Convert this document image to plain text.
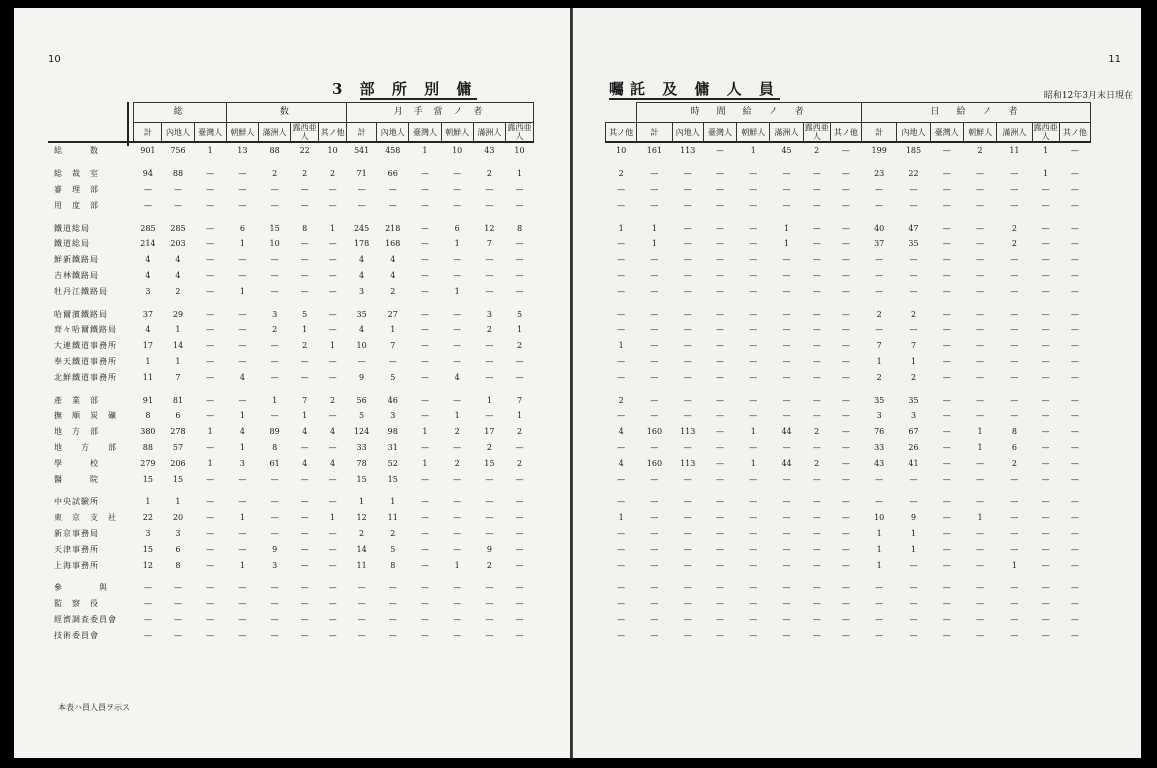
10
3 部 所 別 傭
	総			数				月 手 當 ノ 者					
	計	內地人	臺灣人	朝鮮人	滿洲人	露西亜人	其ノ他	計	內地人	臺灣人	朝鮮人	滿洲人	露西亜人
総　　　数	901	756	1	13	88	22	10	541	458	1	10	43	10

総　裁　室	94	88	—	—	2	2	2	71	66	—	—	2	1
審　理　部	—	—	—	—	—	—	—	—	—	—	—	—	—
用　度　部	—	—	—	—	—	—	—	—	—	—	—	—	—

鐵道総局	285	285	—	6	15	8	1	245	218	—	6	12	8
鐵道総局	214	203	—	1	10	—	—	178	168	—	1	7	—
鮮新鐵路局	4	4	—	—	—	—	—	4	4	—	—	—	—
吉林鐵路局	4	4	—	—	—	—	—	4	4	—	—	—	—
牡丹江鐵路局	3	2	—	1	—	—	—	3	2	—	1	—	—

哈爾濱鐵路局	37	29	—	—	3	5	—	35	27	—	—	3	5
齊々哈爾鐵路局	4	1	—	—	2	1	—	4	1	—	—	2	1
大連鐵道事務所	17	14	—	—	—	2	1	10	7	—	—	—	2
奉天鐵道事務所	1	1	—	—	—	—	—	—	—	—	—	—	—
北鮮鐵道事務所	11	7	—	4	—	—	—	9	5	—	4	—	—

產　業　部	91	81	—	—	1	7	2	56	46	—	—	1	7
撫　順　炭　礦	8	6	—	1	—	1	—	5	3	—	1	—	1
地　方　部	380	278	1	4	89	4	4	124	98	1	2	17	2
地　　方　　部	88	57	—	1	8	—	—	33	31	—	—	2	—
學　　　校	279	206	1	3	61	4	4	78	52	1	2	15	2
醫　　　院	15	15	—	—	—	—	—	15	15	—	—	—	—

中央試驗所	1	1	—	—	—	—	—	1	1	—	—	—	—
東　京　支　社	22	20	—	1	—	—	1	12	11	—	—	—	—
新京事務局	3	3	—	—	—	—	—	2	2	—	—	—	—
天津事務所	15	6	—	—	9	—	—	14	5	—	—	9	—
上海事務所	12	8	—	1	3	—	—	11	8	—	1	2	—

參　　　　與	—	—	—	—	—	—	—	—	—	—	—	—	—
監　察　役	—	—	—	—	—	—	—	—	—	—	—	—	—
經濟調查委員會	—	—	—	—	—	—	—	—	—	—	—	—	—
技術委員會	—	—	—	—	—	—	—	—	—	—	—	—	—
本表ハ員人員ヲ示ス
11
囑託 及 傭 人 員	昭和12年3月末日現在
	時　間　給　ノ　者							日　給　ノ　者						
其ノ他	計	內地人	臺灣人	朝鮮人	滿洲人	露西亜人	其ノ他	計	內地人	臺灣人	朝鮮人	滿洲人	露西亜人	其ノ他
10	161	113	—	1	45	2	—	199	185	—	2	11	1	—

2	—	—	—	—	—	—	—	23	22	—	—	—	1	—
—	—	—	—	—	—	—	—	—	—	—	—	—	—	—
—	—	—	—	—	—	—	—	—	—	—	—	—	—	—

1	1	—	—	—	1	—	—	40	47	—	—	2	—	—
—	1	—	—	—	1	—	—	37	35	—	—	2	—	—
—	—	—	—	—	—	—	—	—	—	—	—	—	—	—
—	—	—	—	—	—	—	—	—	—	—	—	—	—	—
—	—	—	—	—	—	—	—	—	—	—	—	—	—	—

—	—	—	—	—	—	—	—	2	2	—	—	—	—	—
—	—	—	—	—	—	—	—	—	—	—	—	—	—	—
1	—	—	—	—	—	—	—	7	7	—	—	—	—	—
—	—	—	—	—	—	—	—	1	1	—	—	—	—	—
—	—	—	—	—	—	—	—	2	2	—	—	—	—	—

2	—	—	—	—	—	—	—	35	35	—	—	—	—	—
—	—	—	—	—	—	—	—	3	3	—	—	—	—	—
4	160	113	—	1	44	2	—	76	67	—	1	8	—	—
—	—	—	—	—	—	—	—	33	26	—	1	6	—	—
4	160	113	—	1	44	2	—	43	41	—	—	2	—	—
—	—	—	—	—	—	—	—	—	—	—	—	—	—	—

—	—	—	—	—	—	—	—	—	—	—	—	—	—	—
1	—	—	—	—	—	—	—	10	9	—	1	—	—	—
—	—	—	—	—	—	—	—	1	1	—	—	—	—	—
—	—	—	—	—	—	—	—	1	1	—	—	—	—	—
—	—	—	—	—	—	—	—	1	—	—	—	1	—	—

—	—	—	—	—	—	—	—	—	—	—	—	—	—	—
—	—	—	—	—	—	—	—	—	—	—	—	—	—	—
—	—	—	—	—	—	—	—	—	—	—	—	—	—	—
—	—	—	—	—	—	—	—	—	—	—	—	—	—	—
